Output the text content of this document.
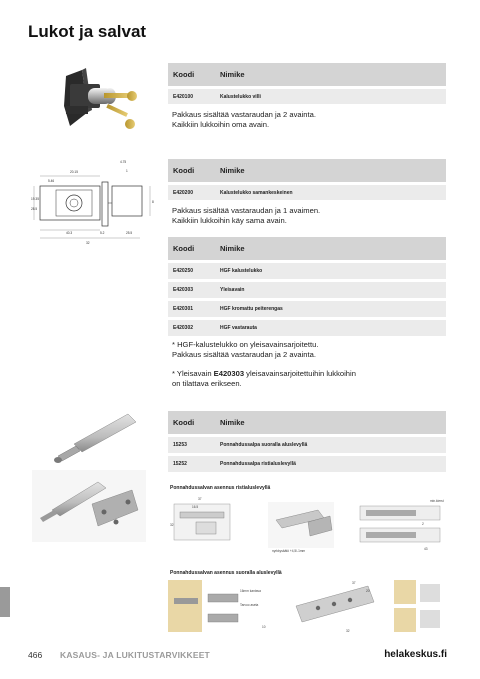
Lukot ja salvat
20.15
4.75
1
5.46
19.35
28.5
8
40.3	5.2	25.5
32
Koodi	Nimike
E420100	Kalustelukko villi
Pakkaus sisältää vastaraudan ja 2 avainta.
Kaikkiin lukkoihin oma avain.
Koodi	Nimike
E420200	Kalustelukko samankeskeinen
Pakkaus sisältää vastaraudan ja 1 avaimen.
Kaikkiin lukkoihin käy sama avain.
Koodi	Nimike
E420250	HGF kalustelukko
E420303	Yleisavain
E420301	HGF kromattu peiterengas
E420302	HGF vastarauta
* HGF-kalustelukko on yleisavainsarjoitettu.
Pakkaus sisältää vastaraudan ja 2 avainta.
* Yleisavain E420303 yleisavainsarjoitettuihin lukkoihin
on tilattava erikseen.
Koodi	Nimike
15253	Ponnahdussalpa suoralla aluslevyllä
15252	Ponnahdussalpa ristialuslevyllä
Ponnahdussalvan asennus ristialuslevyllä
37
16.5
32
nyrkkysäätö +4,5/-1mm
min.kierst
2
43
Ponnahdussalvan asennus suoralla aluslevyllä
16mm kantava
Tarvoo aseta
10
37
20
32
466 KASAUS- JA LUKITUSTARVIKKEET	helakeskus.fi
